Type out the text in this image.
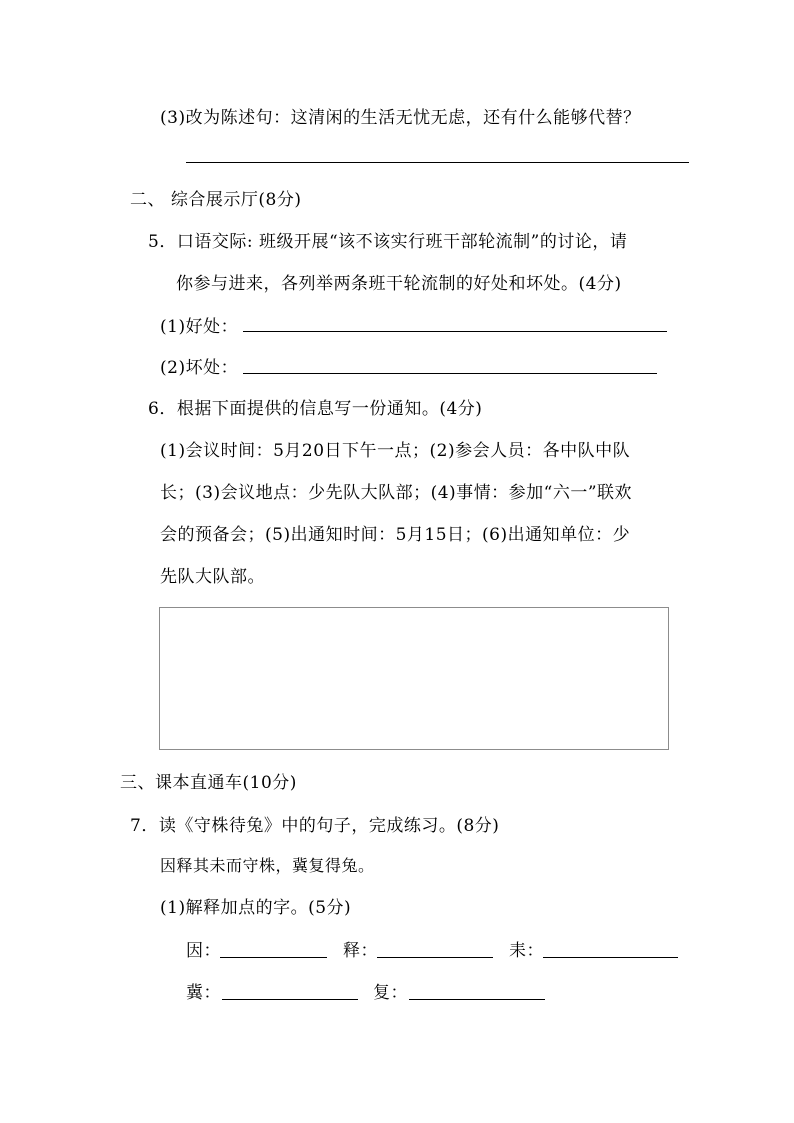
(3)改为陈述句：这清闲的生活无忧无虑，还有什么能够代替？
二、 综合展示厅(8分)
5．口语交际: 班级开展“该不该实行班干部轮流制”的讨论，请
你参与进来，各列举两条班干轮流制的好处和坏处。(4分)
(1)好处：
(2)坏处：
6．根据下面提供的信息写一份通知。(4分)
(1)会议时间：5月20日下午一点；(2)参会人员：各中队中队
长；(3)会议地点：少先队大队部；(4)事情：参加“六一”联欢
会的预备会；(5)出通知时间：5月15日；(6)出通知单位：少
先队大队部。
三、课本直通车(10分)
7．读《守株待兔》中的句子，完成练习。(8分)
因释其未而守株，冀复得兔。
(1)解释加点的字。(5分)
因：	释：	耒：
冀：	复：
